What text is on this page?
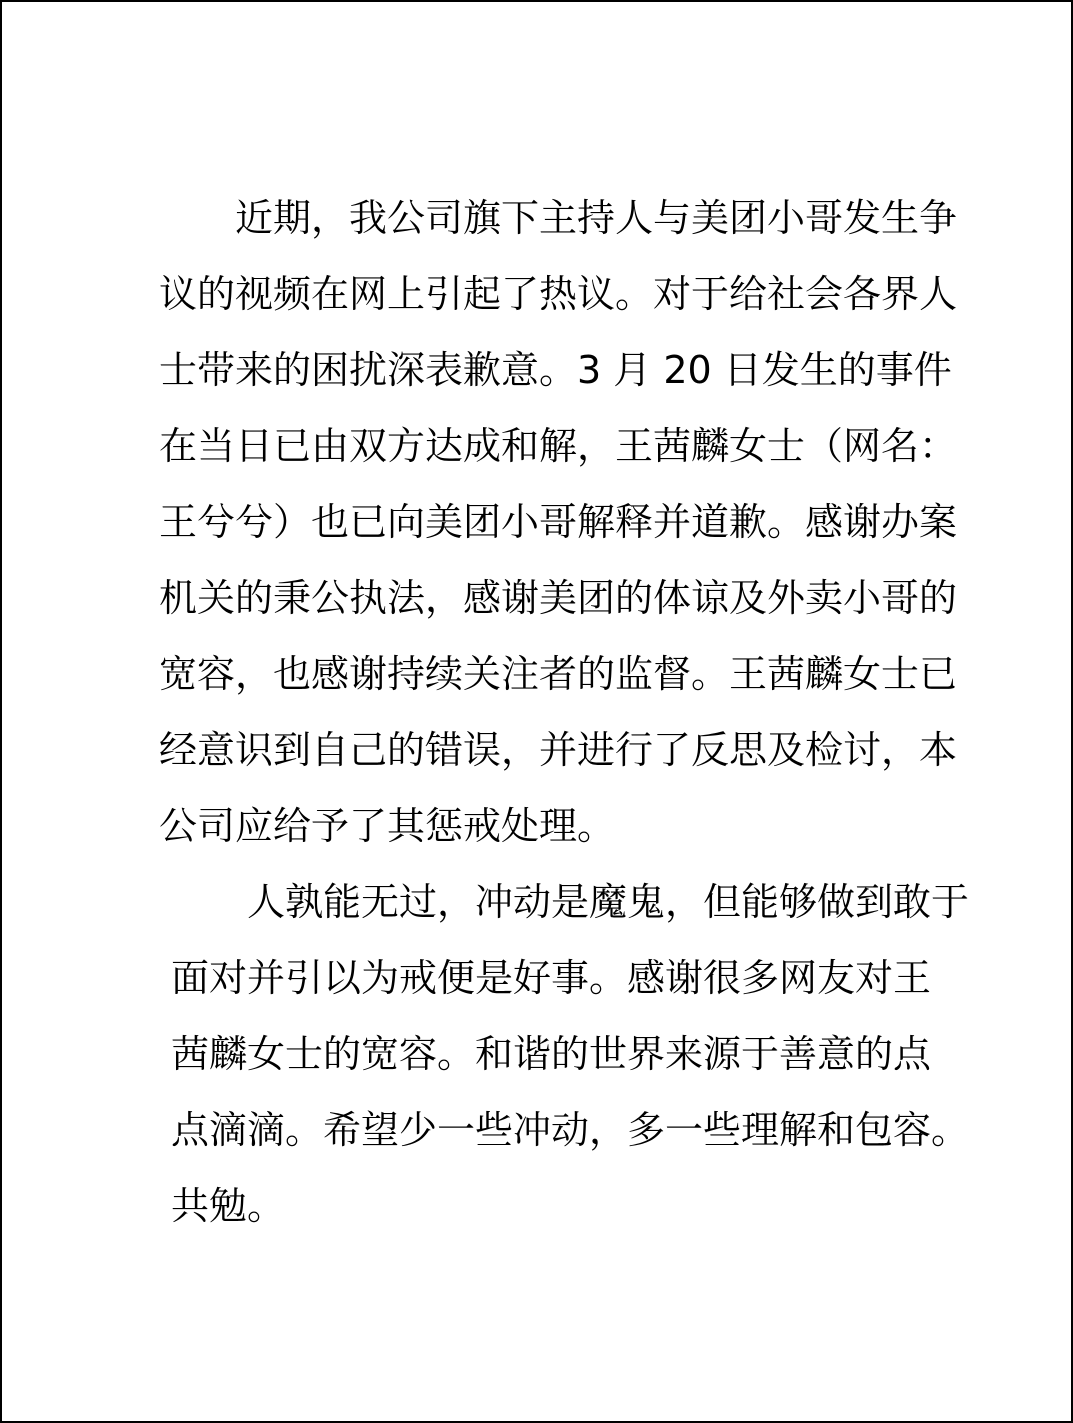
　　近期，我公司旗下主持人与美团小哥发生争
议的视频在网上引起了热议。对于给社会各界人
士带来的困扰深表歉意。3 月 20 日发生的事件
在当日已由双方达成和解，王茜麟女士（网名：
王兮兮）也已向美团小哥解释并道歉。感谢办案
机关的秉公执法，感谢美团的体谅及外卖小哥的
宽容，也感谢持续关注者的监督。王茜麟女士已
经意识到自己的错误，并进行了反思及检讨，本
公司应给予了其惩戒处理。
　　人孰能无过，冲动是魔鬼，但能够做到敢于
面对并引以为戒便是好事。感谢很多网友对王
茜麟女士的宽容。和谐的世界来源于善意的点
点滴滴。希望少一些冲动，多一些理解和包容。
共勉。
